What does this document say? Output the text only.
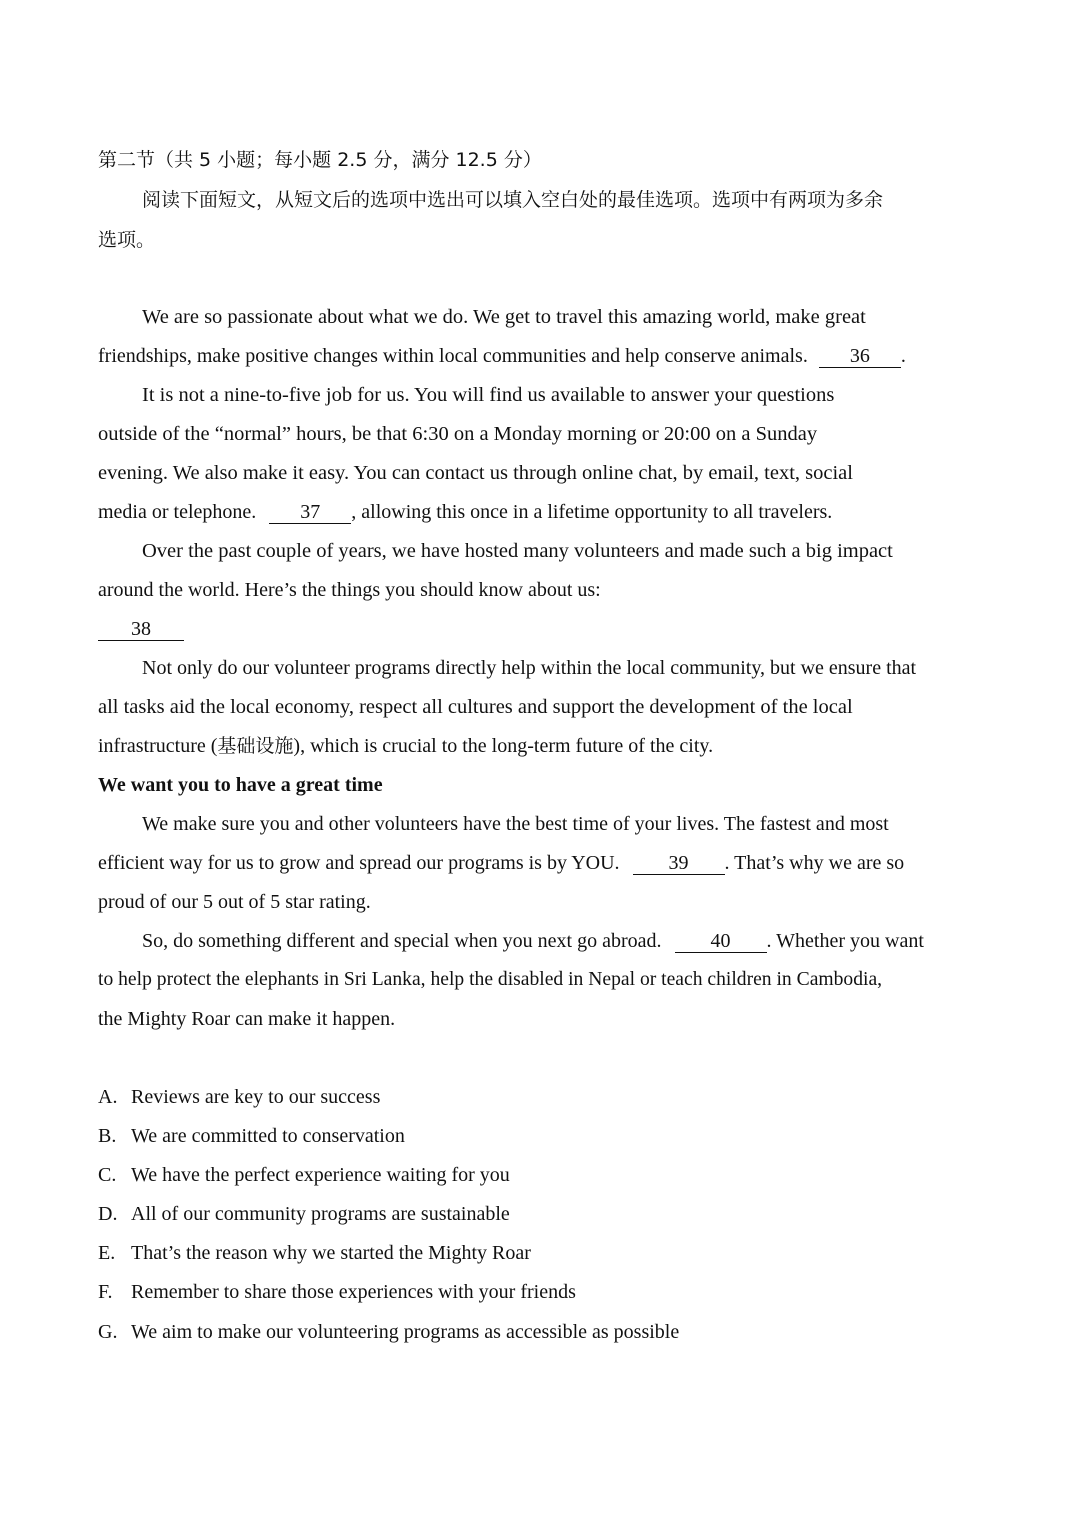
第二节（共 5 小题；每小题 2.5 分，满分 12.5 分）
阅读下面短文，从短文后的选项中选出可以填入空白处的最佳选项。选项中有两项为多余
选项。
We are so passionate about what we do. We get to travel this amazing world, make great
friendships, make positive changes within local communities and help conserve animals. 36 .
It is not a nine-to-five job for us. You will find us available to answer your questions
outside of the “normal” hours, be that 6:30 on a Monday morning or 20:00 on a Sunday
evening. We also make it easy. You can contact us through online chat, by email, text, social
media or telephone. 37 , allowing this once in a lifetime opportunity to all travelers.
Over the past couple of years, we have hosted many volunteers and made such a big impact
around the world. Here’s the things you should know about us:
38
Not only do our volunteer programs directly help within the local community, but we ensure that
all tasks aid the local economy, respect all cultures and support the development of the local
infrastructure (基础设施), which is crucial to the long-term future of the city.
We want you to have a great time
We make sure you and other volunteers have the best time of your lives. The fastest and most
efficient way for us to grow and spread our programs is by YOU. 39 . That’s why we are so
proud of our 5 out of 5 star rating.
So, do something different and special when you next go abroad. 40 . Whether you want
to help protect the elephants in Sri Lanka, help the disabled in Nepal or teach children in Cambodia,
the Mighty Roar can make it happen.
A. Reviews are key to our success
B. We are committed to conservation
C. We have the perfect experience waiting for you
D. All of our community programs are sustainable
E. That’s the reason why we started the Mighty Roar
F. Remember to share those experiences with your friends
G. We aim to make our volunteering programs as accessible as possible
